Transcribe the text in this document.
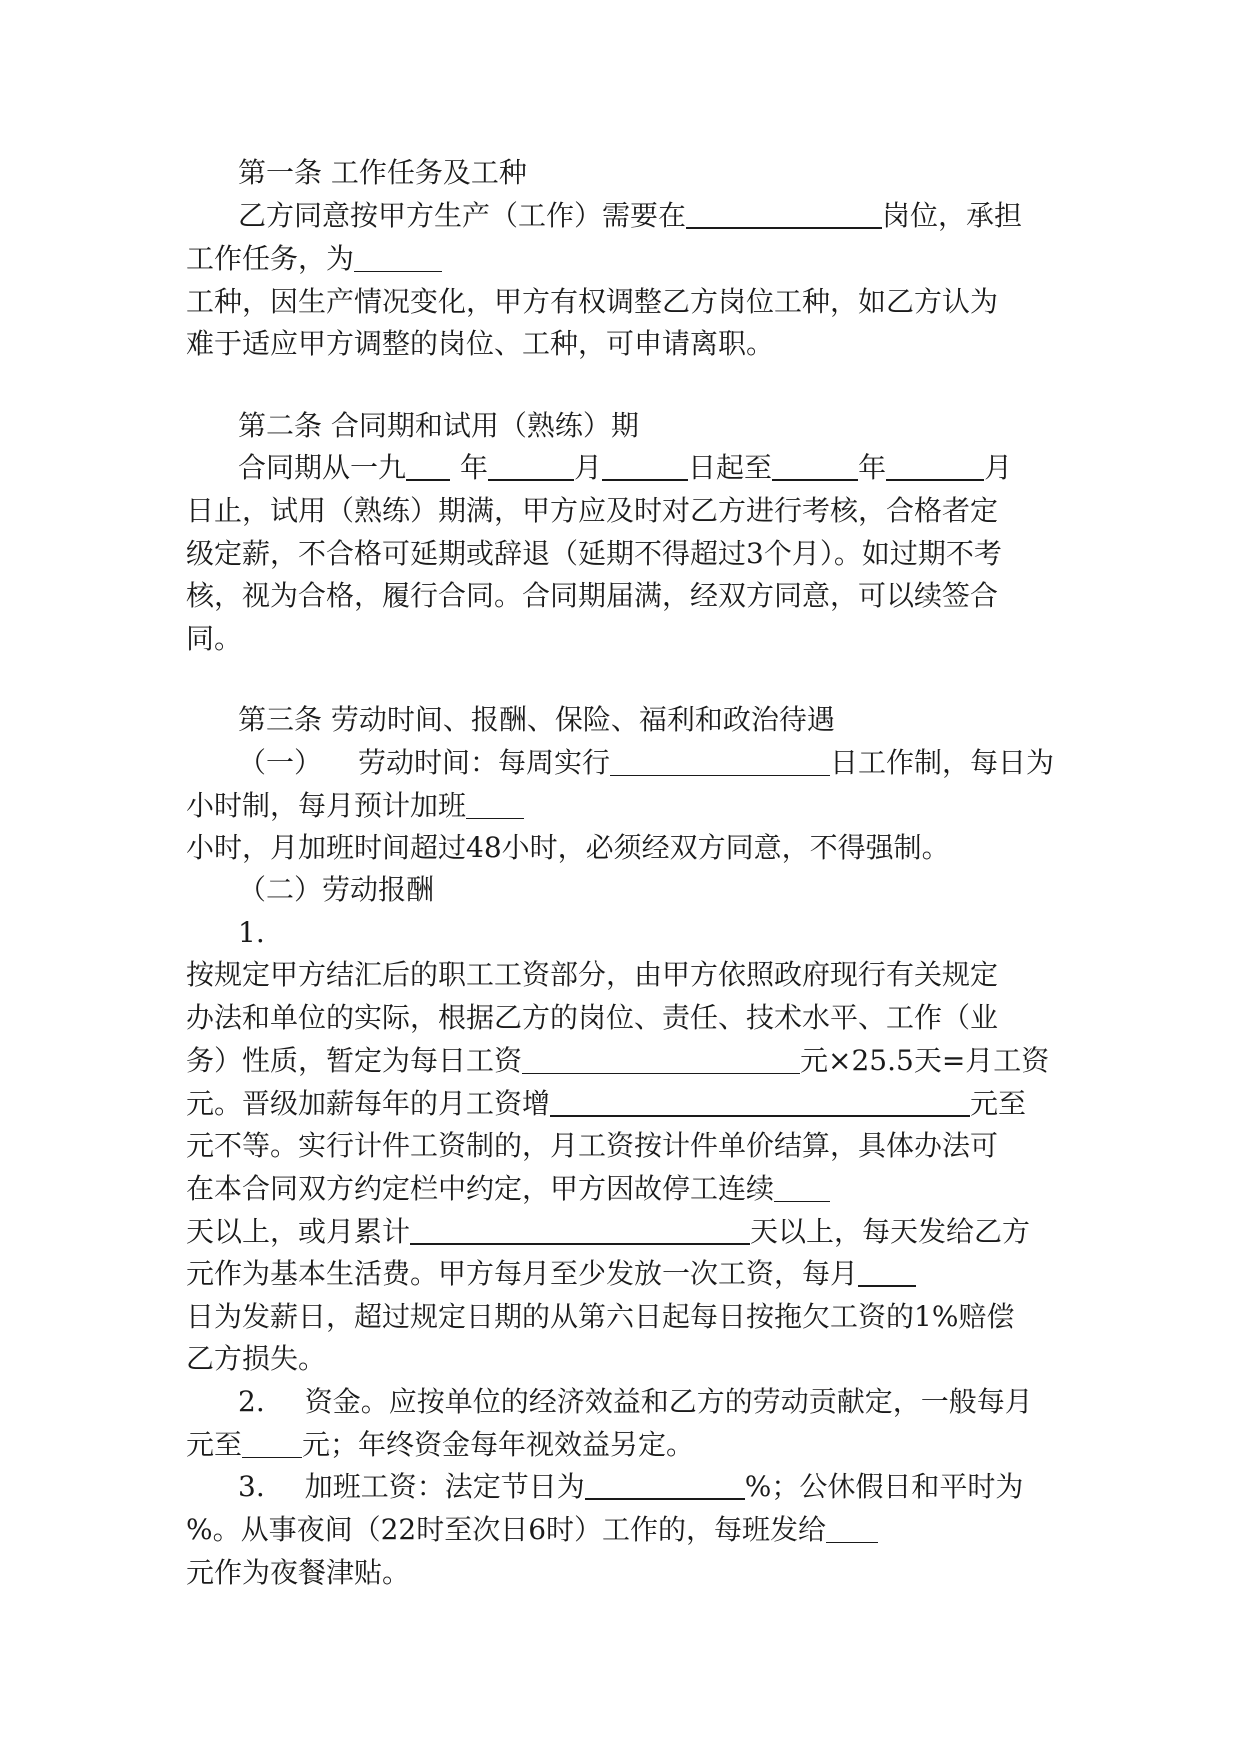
第一条 工作任务及工种
乙方同意按甲方生产（工作）需要在	岗位，承担
工作任务，为
工种，因生产情况变化，甲方有权调整乙方岗位工种，如乙方认为
难于适应甲方调整的岗位、工种，可申请离职。
第二条 合同期和试用（熟练）期
合同期从一九 年	月	日起至	年	月
日止，试用（熟练）期满，甲方应及时对乙方进行考核，合格者定
级定薪，不合格可延期或辞退（延期不得超过3个月）。如过期不考
核，视为合格，履行合同。合同期届满，经双方同意，可以续签合
同。
第三条 劳动时间、报酬、保险、福利和政治待遇
（一） 劳动时间：每周实行	日工作制，每日为
小时制，每月预计加班
小时，月加班时间超过48小时，必须经双方同意，不得强制。
（二）劳动报酬
1.
按规定甲方结汇后的职工工资部分，由甲方依照政府现行有关规定
办法和单位的实际，根据乙方的岗位、责任、技术水平、工作（业
务）性质，暂定为每日工资	元×25.5天=月工资
元。晋级加薪每年的月工资增	元至
元不等。实行计件工资制的，月工资按计件单价结算，具体办法可
在本合同双方约定栏中约定，甲方因故停工连续
天以上，或月累计	天以上，每天发给乙方
元作为基本生活费。甲方每月至少发放一次工资，每月
日为发薪日，超过规定日期的从第六日起每日按拖欠工资的1%赔偿
乙方损失。
2. 资金。应按单位的经济效益和乙方的劳动贡献定，一般每月
元至 元；年终资金每年视效益另定。
3. 加班工资：法定节日为	%；公休假日和平时为
%。从事夜间（22时至次日6时）工作的，每班发给
元作为夜餐津贴。
